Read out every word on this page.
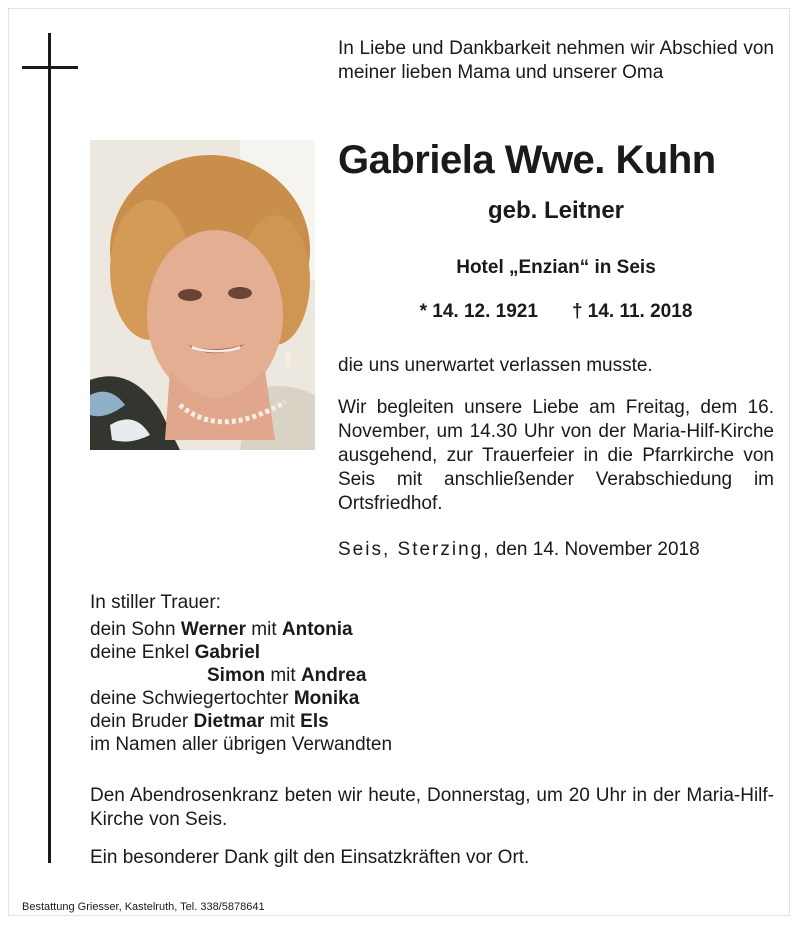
In Liebe und Dankbarkeit nehmen wir Abschied von meiner lieben Mama und unserer Oma

Gabriela Wwe. Kuhn

geb. Leitner

Hotel „Enzian“ in Seis

* 14. 12. 1921 † 14. 11. 2018

die uns unerwartet verlassen musste.

Wir begleiten unsere Liebe am Freitag, dem 16. November, um 14.30 Uhr von der Maria-Hilf-Kirche ausgehend, zur Trauerfeier in die Pfarrkirche von Seis mit anschließender Verabschiedung im Ortsfriedhof.

Seis, Sterzing, den 14. November 2018

In stiller Trauer:

dein Sohn Werner mit Antonia

deine Enkel Gabriel

Simon mit Andrea

deine Schwiegertochter Monika

dein Bruder Dietmar mit Els

im Namen aller übrigen Verwandten

Den Abendrosenkranz beten wir heute, Donnerstag, um 20 Uhr in der Maria-Hilf-Kirche von Seis.

Ein besonderer Dank gilt den Einsatzkräften vor Ort.

Bestattung Griesser, Kastelruth, Tel. 338/5878641
